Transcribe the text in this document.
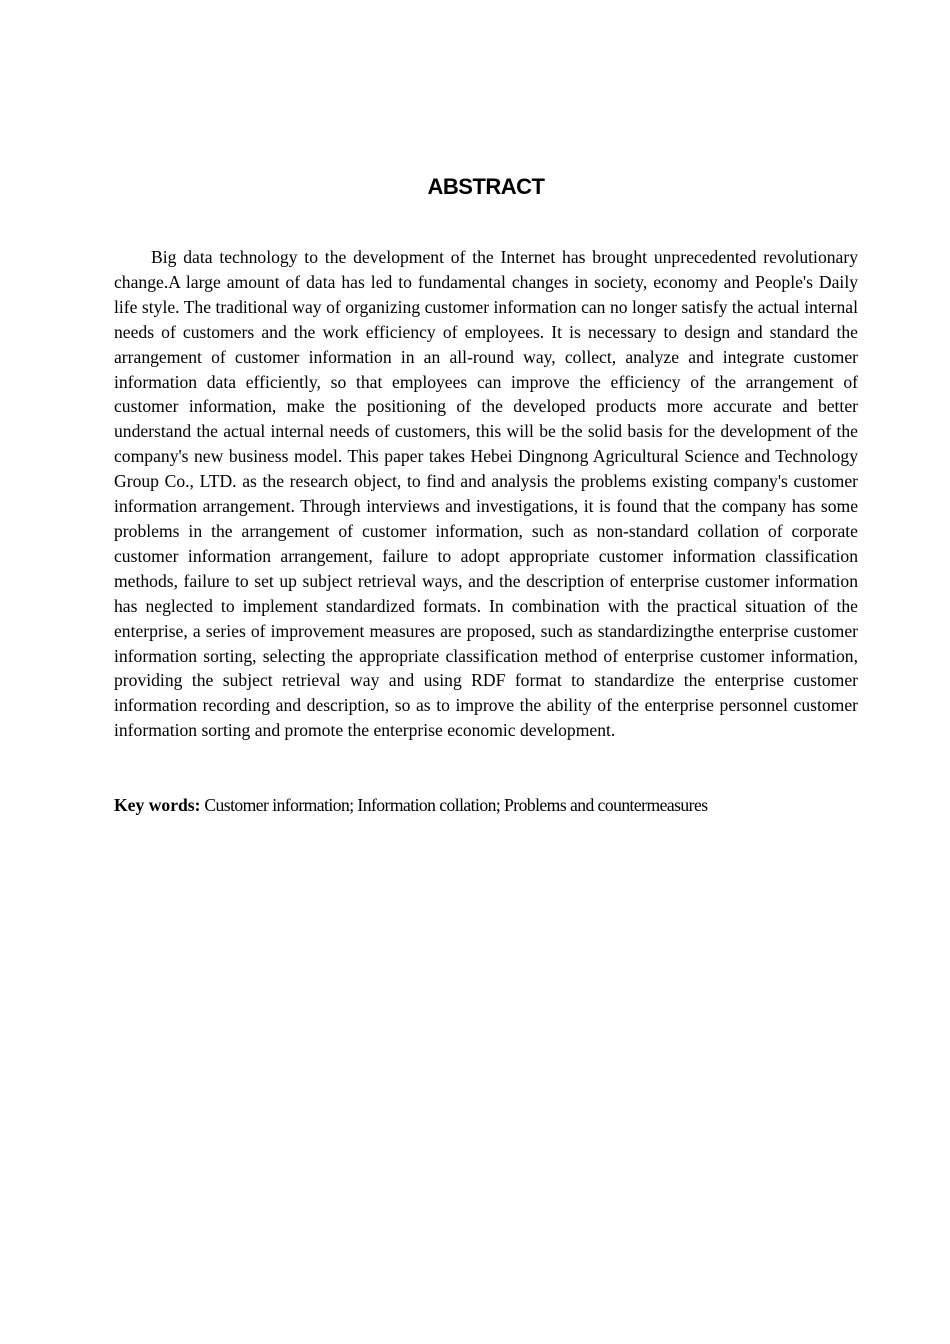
ABSTRACT

Big data technology to the development of the Internet has brought unprecedented revolutionary change.A large amount of data has led to fundamental changes in society, economy and People's Daily life style. The traditional way of organizing customer information can no longer satisfy the actual internal needs of customers and the work efficiency of employees. It is necessary to design and standard the arrangement of customer information in an all-round way, collect, analyze and integrate customer information data efficiently, so that employees can improve the efficiency of the arrangement of customer information, make the positioning of the developed products more accurate and better understand the actual internal needs of customers, this will be the solid basis for the development of the company's new business model. This paper takes Hebei Dingnong Agricultural Science and Technology Group Co., LTD. as the research object, to find and analysis the problems existing company's customer information arrangement. Through interviews and investigations, it is found that the company has some problems in the arrangement of customer information, such as non-standard collation of corporate customer information arrangement, failure to adopt appropriate customer information classification methods, failure to set up subject retrieval ways, and the description of enterprise customer information has neglected to implement standardized formats. In combination with the practical situation of the enterprise, a series of improvement measures are proposed, such as standardizingthe enterprise customer information sorting, selecting the appropriate classification method of enterprise customer information, providing the subject retrieval way and using RDF format to standardize the enterprise customer information recording and description, so as to improve the ability of the enterprise personnel customer information sorting and promote the enterprise economic development.

Key words: Customer information; Information collation; Problems and countermeasures
